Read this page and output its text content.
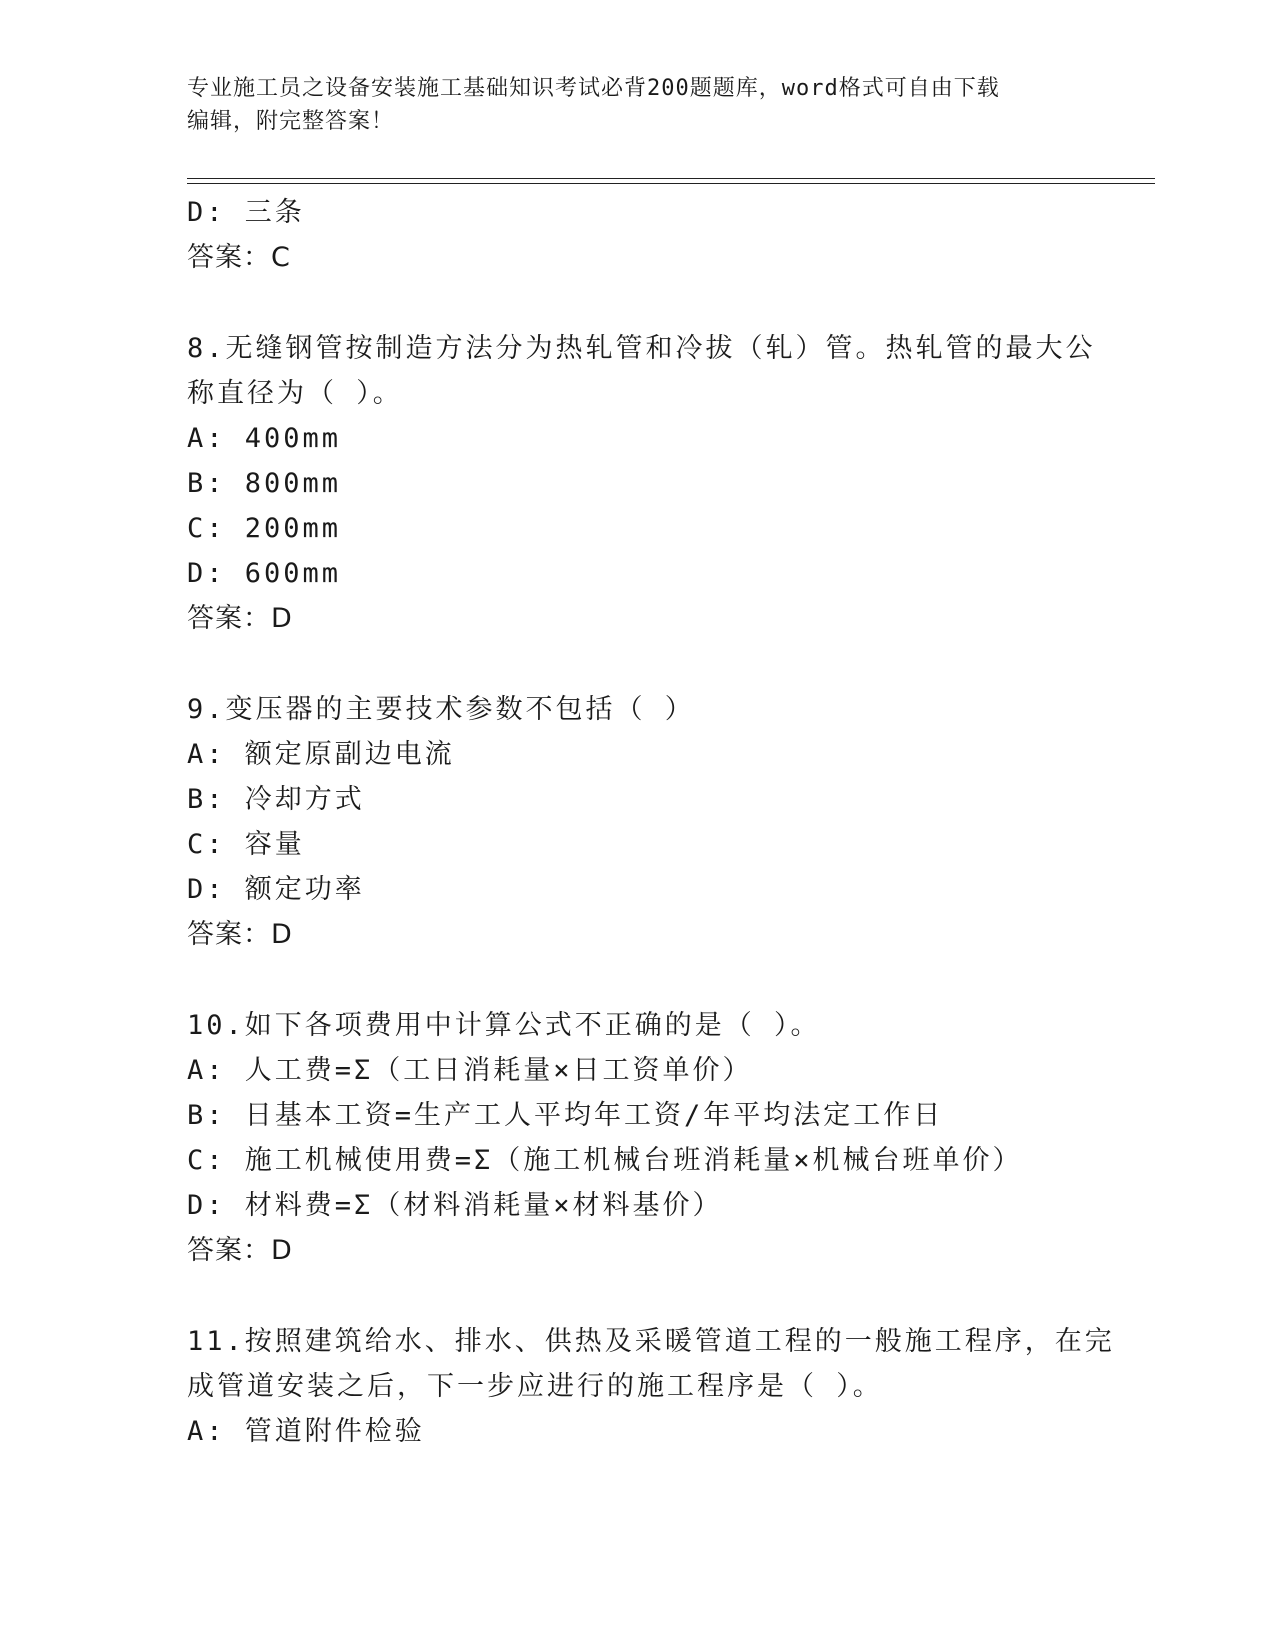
专业施工员之设备安装施工基础知识考试必背200题题库，word格式可自由下载
编辑，附完整答案！
D: 三条
答案：C
8.无缝钢管按制造方法分为热轧管和冷拔（轧）管。热轧管的最大公
称直径为（ ）。
A: 400mm
B: 800mm
C: 200mm
D: 600mm
答案：D
9.变压器的主要技术参数不包括（ ）
A: 额定原副边电流
B: 冷却方式
C: 容量
D: 额定功率
答案：D
10.如下各项费用中计算公式不正确的是（ ）。
A: 人工费=Σ（工日消耗量×日工资单价）
B: 日基本工资=生产工人平均年工资/年平均法定工作日
C: 施工机械使用费=Σ（施工机械台班消耗量×机械台班单价）
D: 材料费=Σ（材料消耗量×材料基价）
答案：D
11.按照建筑给水、排水、供热及采暖管道工程的一般施工程序，在完
成管道安装之后，下一步应进行的施工程序是（ ）。
A: 管道附件检验
